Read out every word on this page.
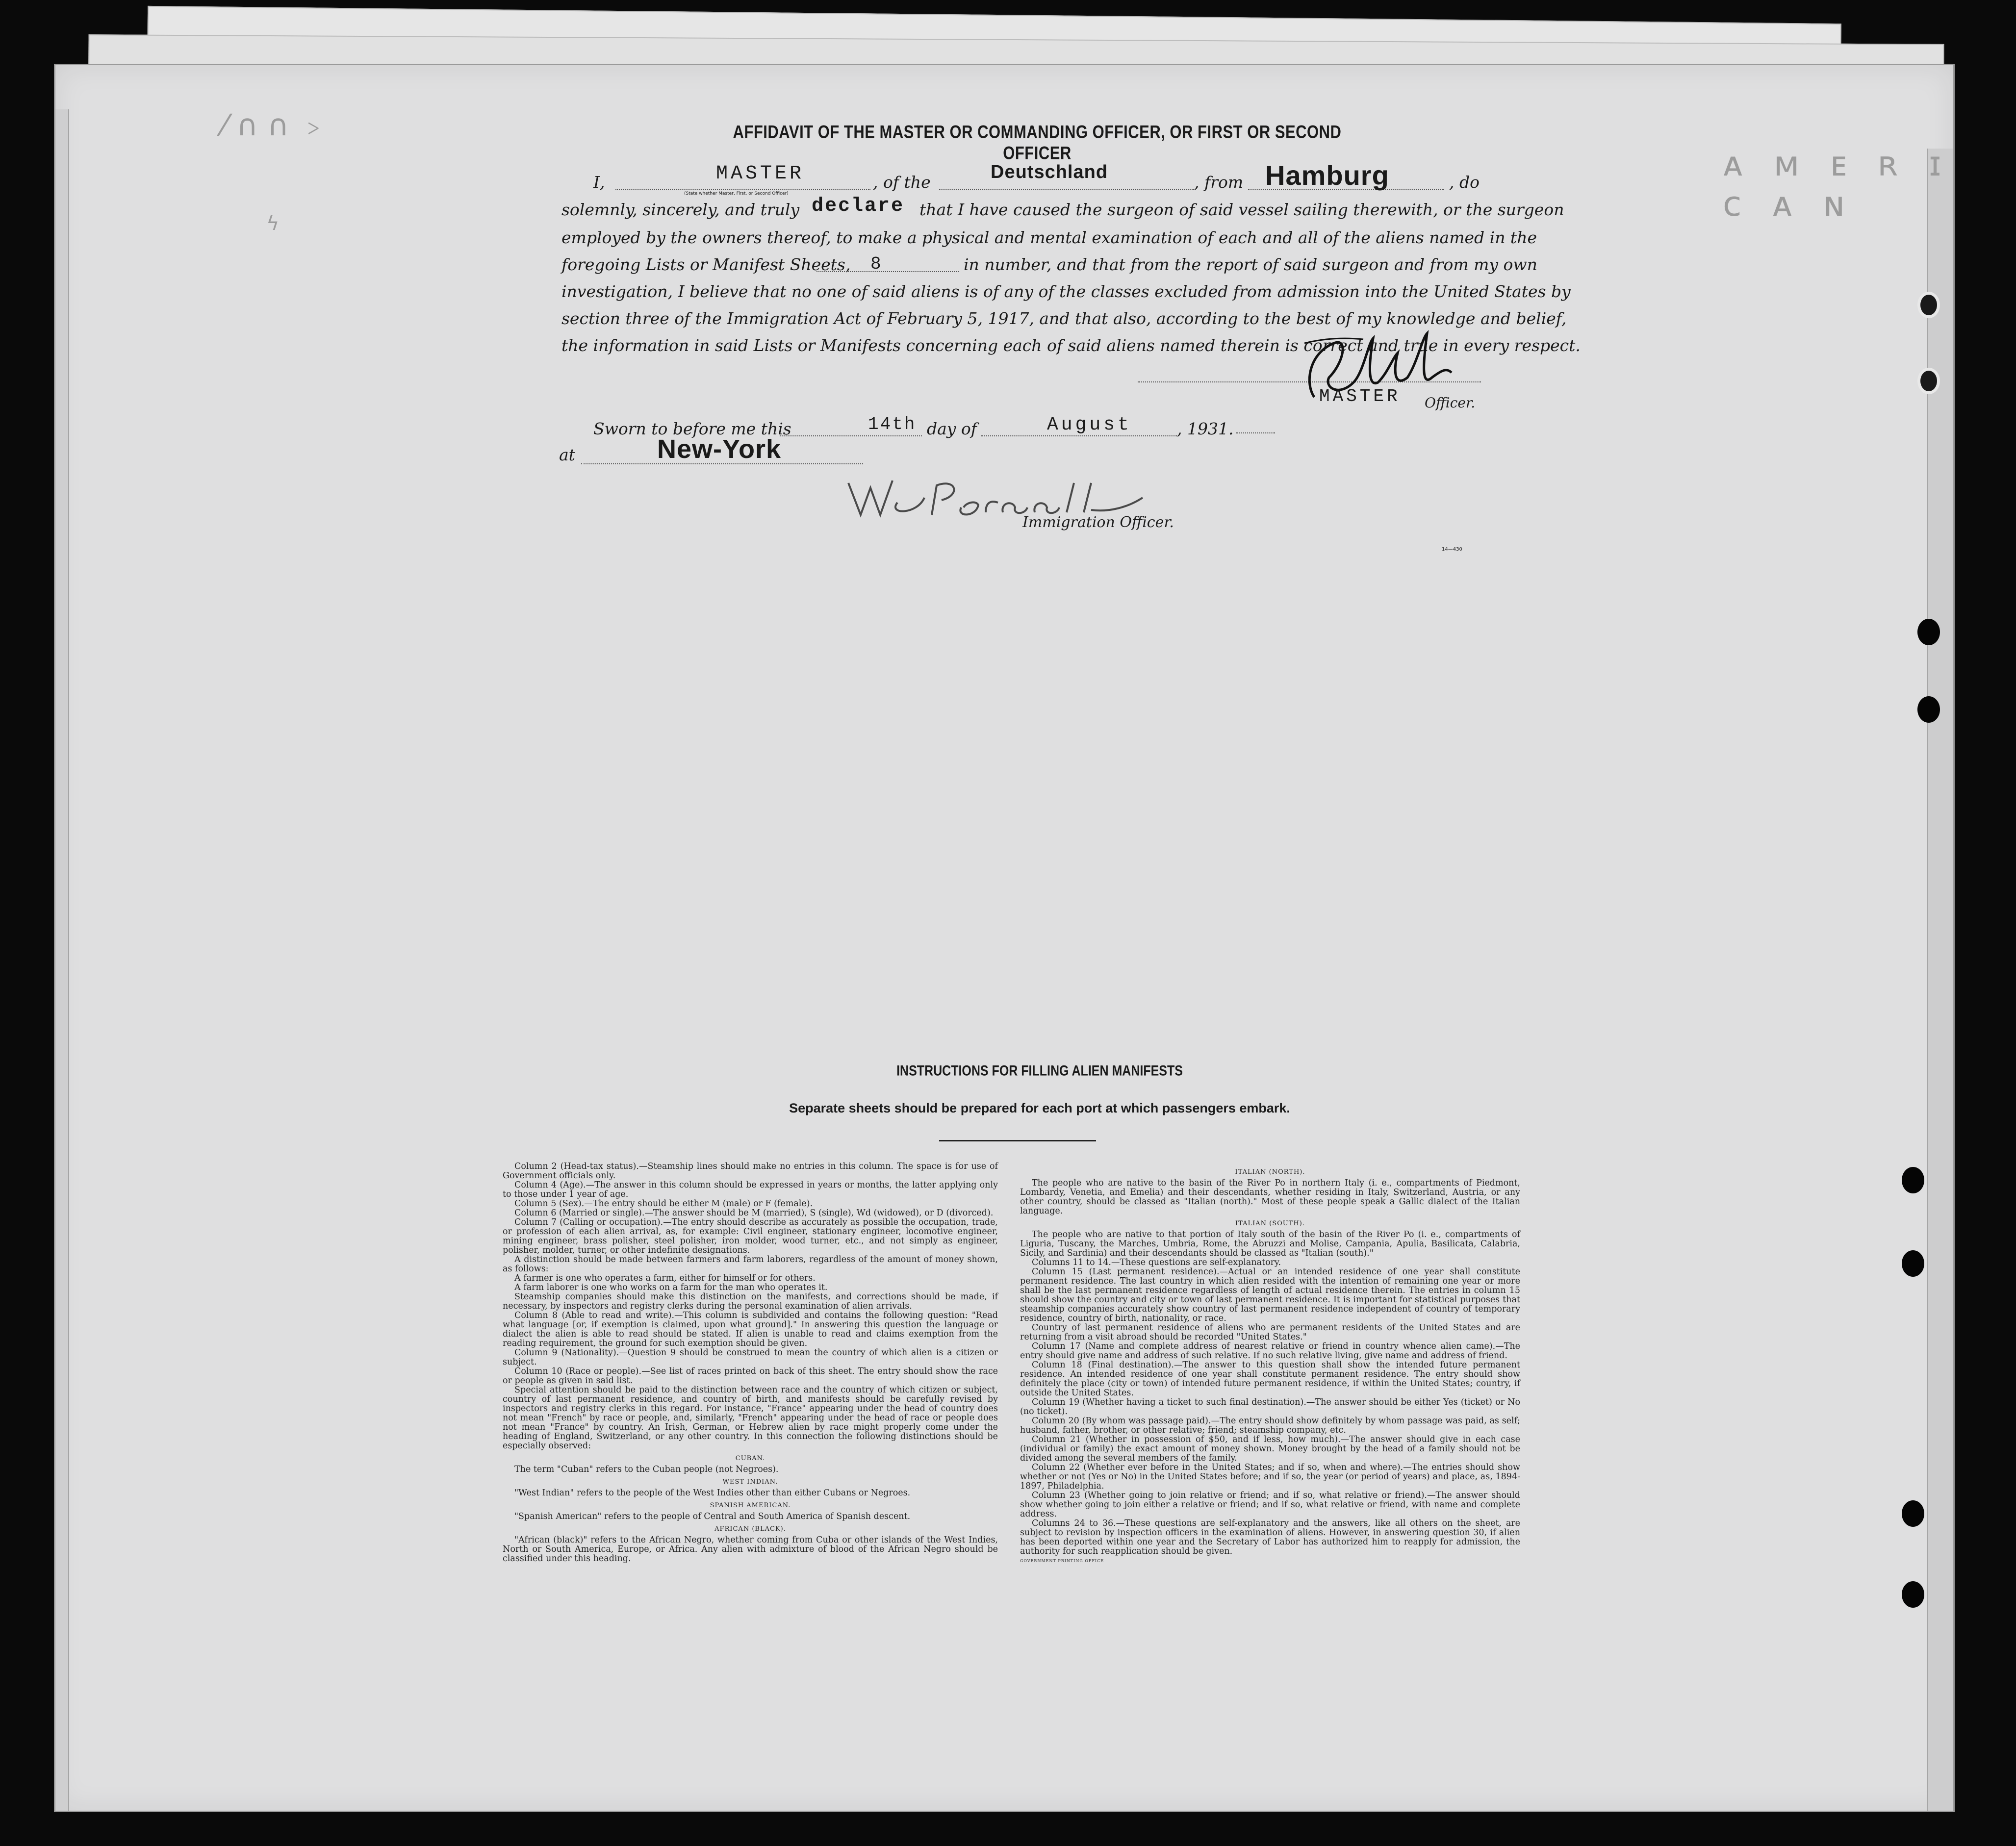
⁄ ∩ ∩ ﹥
ϟ
ᴀ ᴍ ᴇ ʀ ɪ ᴄ ᴀ ɴ
AFFIDAVIT OF THE MASTER OR COMMANDING OFFICER, OR FIRST OR SECOND OFFICER
I,	MASTER
(State whether Master, First, or Second Officer)
, of the	Deutschland	, from Hamburg	, do
solemnly, sincerely, and truly declare that I have caused the surgeon of said vessel sailing therewith, or the surgeon
employed by the owners thereof, to make a physical and mental examination of each and all of the aliens named in the
foregoing Lists or Manifest Sheets, 8	in number, and that from the report of said surgeon and from my own
investigation, I believe that no one of said aliens is of any of the classes excluded from admission into the United States by
section three of the Immigration Act of February 5, 1917, and that also, according to the best of my knowledge and belief,
the information in said Lists or Manifests concerning each of said aliens named therein is correct and true in every respect.
MASTER Officer.
Sworn to before me this	14th day of	August	, 1931.
at	New-York
Immigration Officer.
14—430
INSTRUCTIONS FOR FILLING ALIEN MANIFESTS
Separate sheets should be prepared for each port at which passengers embark.

Column 2 (Head-tax status).—Steamship lines should make no entries in this column. The space is for use of Government officials only.

Column 4 (Age).—The answer in this column should be expressed in years or months, the latter applying only to those under 1 year of age.

Column 5 (Sex).—The entry should be either M (male) or F (female).

Column 6 (Married or single).—The answer should be M (married), S (single), Wd (widowed), or D (divorced).

Column 7 (Calling or occupation).—The entry should describe as accurately as possible the occupation, trade, or profession of each alien arrival, as, for example: Civil engineer, stationary engineer, locomotive engineer, mining engineer, brass polisher, steel polisher, iron molder, wood turner, etc., and not simply as engineer, polisher, molder, turner, or other indefinite designations.

A distinction should be made between farmers and farm laborers, regardless of the amount of money shown, as follows:

A farmer is one who operates a farm, either for himself or for others.

A farm laborer is one who works on a farm for the man who operates it.

Steamship companies should make this distinction on the manifests, and corrections should be made, if necessary, by inspectors and registry clerks during the personal examination of alien arrivals.

Column 8 (Able to read and write).—This column is subdivided and contains the following question: "Read what language [or, if exemption is claimed, upon what ground]." In answering this question the language or dialect the alien is able to read should be stated. If alien is unable to read and claims exemption from the reading requirement, the ground for such exemption should be given.

Column 9 (Nationality).—Question 9 should be construed to mean the country of which alien is a citizen or subject.

Column 10 (Race or people).—See list of races printed on back of this sheet. The entry should show the race or people as given in said list.

Special attention should be paid to the distinction between race and the country of which citizen or subject, country of last permanent residence, and country of birth, and manifests should be carefully revised by inspectors and registry clerks in this regard. For instance, "France" appearing under the head of country does not mean "French" by race or people, and, similarly, "French" appearing under the head of race or people does not mean "France" by country. An Irish, German, or Hebrew alien by race might properly come under the heading of England, Switzerland, or any other country. In this connection the following distinctions should be especially observed:

CUBAN.

The term "Cuban" refers to the Cuban people (not Negroes).

WEST INDIAN.

"West Indian" refers to the people of the West Indies other than either Cubans or Negroes.

SPANISH AMERICAN.

"Spanish American" refers to the people of Central and South America of Spanish descent.

AFRICAN (BLACK).

"African (black)" refers to the African Negro, whether coming from Cuba or other islands of the West Indies, North or South America, Europe, or Africa. Any alien with admixture of blood of the African Negro should be classified under this heading.

ITALIAN (NORTH).

The people who are native to the basin of the River Po in northern Italy (i. e., compartments of Piedmont, Lombardy, Venetia, and Emelia) and their descendants, whether residing in Italy, Switzerland, Austria, or any other country, should be classed as "Italian (north)." Most of these people speak a Gallic dialect of the Italian language.

ITALIAN (SOUTH).

The people who are native to that portion of Italy south of the basin of the River Po (i. e., compartments of Liguria, Tuscany, the Marches, Umbria, Rome, the Abruzzi and Molise, Campania, Apulia, Basilicata, Calabria, Sicily, and Sardinia) and their descendants should be classed as "Italian (south)."

Columns 11 to 14.—These questions are self-explanatory.

Column 15 (Last permanent residence).—Actual or an intended residence of one year shall constitute permanent residence. The last country in which alien resided with the intention of remaining one year or more shall be the last permanent residence regardless of length of actual residence therein. The entries in column 15 should show the country and city or town of last permanent residence. It is important for statistical purposes that steamship companies accurately show country of last permanent residence independent of country of temporary residence, country of birth, nationality, or race.

Country of last permanent residence of aliens who are permanent residents of the United States and are returning from a visit abroad should be recorded "United States."

Column 17 (Name and complete address of nearest relative or friend in country whence alien came).—The entry should give name and address of such relative. If no such relative living, give name and address of friend.

Column 18 (Final destination).—The answer to this question shall show the intended future permanent residence. An intended residence of one year shall constitute permanent residence. The entry should show definitely the place (city or town) of intended future permanent residence, if within the United States; country, if outside the United States.

Column 19 (Whether having a ticket to such final destination).—The answer should be either Yes (ticket) or No (no ticket).

Column 20 (By whom was passage paid).—The entry should show definitely by whom passage was paid, as self; husband, father, brother, or other relative; friend; steamship company, etc.

Column 21 (Whether in possession of $50, and if less, how much).—The answer should give in each case (individual or family) the exact amount of money shown. Money brought by the head of a family should not be divided among the several members of the family.

Column 22 (Whether ever before in the United States; and if so, when and where).—The entries should show whether or not (Yes or No) in the United States before; and if so, the year (or period of years) and place, as, 1894-1897, Philadelphia.

Column 23 (Whether going to join relative or friend; and if so, what relative or friend).—The answer should show whether going to join either a relative or friend; and if so, what relative or friend, with name and complete address.

Columns 24 to 36.—These questions are self-explanatory and the answers, like all others on the sheet, are subject to revision by inspection officers in the examination of aliens. However, in answering question 30, if alien has been deported within one year and the Secretary of Labor has authorized him to reapply for admission, the authority for such reapplication should be given.

GOVERNMENT PRINTING OFFICE
